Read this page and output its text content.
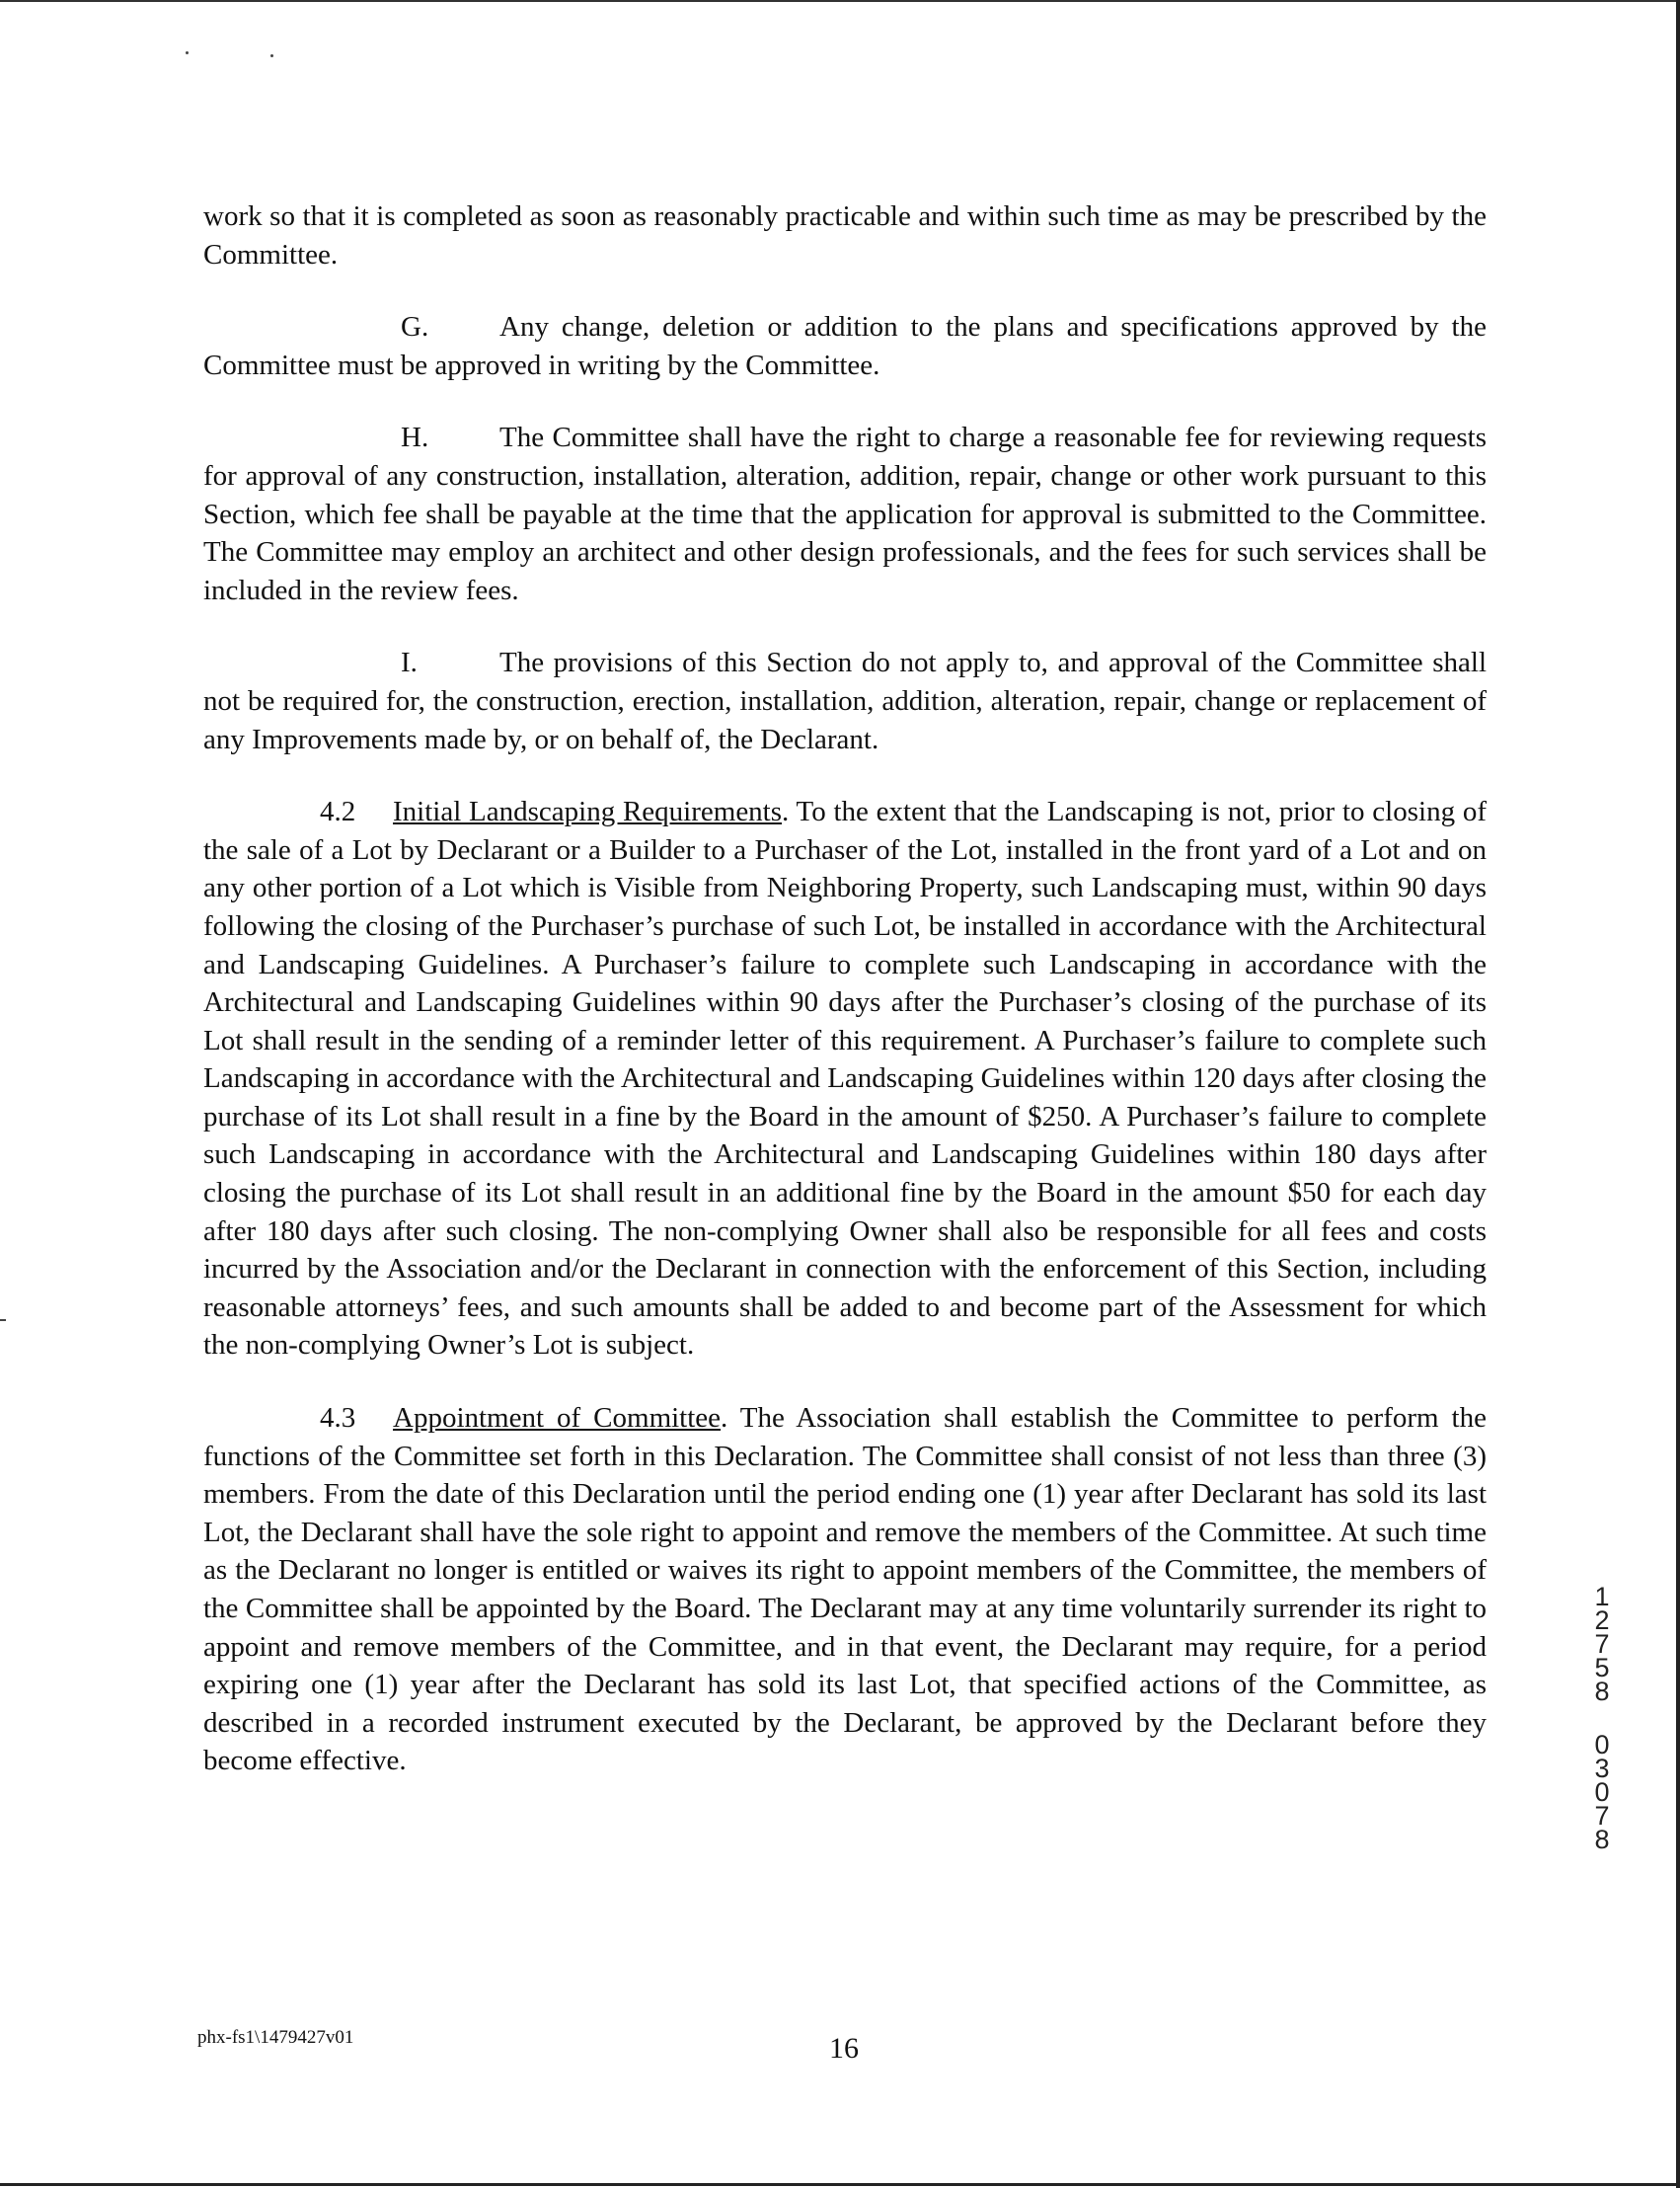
work so that it is completed as soon as reasonably practicable and within such time as may be prescribed by the Committee.

G. Any change, deletion or addition to the plans and specifications approved by the Committee must be approved in writing by the Committee.

H. The Committee shall have the right to charge a reasonable fee for reviewing requests for approval of any construction, installation, alteration, addition, repair, change or other work pursuant to this Section, which fee shall be payable at the time that the application for approval is submitted to the Committee. The Committee may employ an architect and other design professionals, and the fees for such services shall be included in the review fees.

I.	The provisions of this Section do not apply to, and approval of the Committee shall not be required for, the construction, erection, installation, addition, alteration, repair, change or replacement of any Improvements made by, or on behalf of, the Declarant.

4.2 Initial Landscaping Requirements. To the extent that the Landscaping is not, prior to closing of the sale of a Lot by Declarant or a Builder to a Purchaser of the Lot, installed in the front yard of a Lot and on any other portion of a Lot which is Visible from Neighboring Property, such Landscaping must, within 90 days following the closing of the Purchaser’s purchase of such Lot, be installed in accordance with the Architectural and Landscaping Guidelines. A Purchaser’s failure to complete such Landscaping in accordance with the Architectural and Landscaping Guidelines within 90 days after the Purchaser’s closing of the purchase of its Lot shall result in the sending of a reminder letter of this requirement. A Purchaser’s failure to complete such Landscaping in accordance with the Architectural and Landscaping Guidelines within 120 days after closing the purchase of its Lot shall result in a fine by the Board in the amount of $250. A Purchaser’s failure to complete such Landscaping in accordance with the Architectural and Landscaping Guidelines within 180 days after closing the purchase of its Lot shall result in an additional fine by the Board in the amount $50 for each day after 180 days after such closing. The non-complying Owner shall also be responsible for all fees and costs incurred by the Association and/or the Declarant in connection with the enforcement of this Section, including reasonable attorneys’ fees, and such amounts shall be added to and become part of the Assessment for which the non-complying Owner’s Lot is subject.

4.3 Appointment of Committee. The Association shall establish the Committee to perform the functions of the Committee set forth in this Declaration. The Committee shall consist of not less than three (3) members. From the date of this Declaration until the period ending one (1) year after Declarant has sold its last Lot, the Declarant shall have the sole right to appoint and remove the members of the Committee. At such time as the Declarant no longer is entitled or waives its right to appoint members of the Committee, the members of the Committee shall be appointed by the Board. The Declarant may at any time voluntarily surrender its right to appoint and remove members of the Committee, and in that event, the Declarant may require, for a period expiring one (1) year after the Declarant has sold its last Lot, that specified actions of the Committee, as described in a recorded instrument executed by the Declarant, be approved by the Declarant before they become effective.

phx-fs1\1479427v01	16
1
2
7
5
8
0
3
0
7
8
